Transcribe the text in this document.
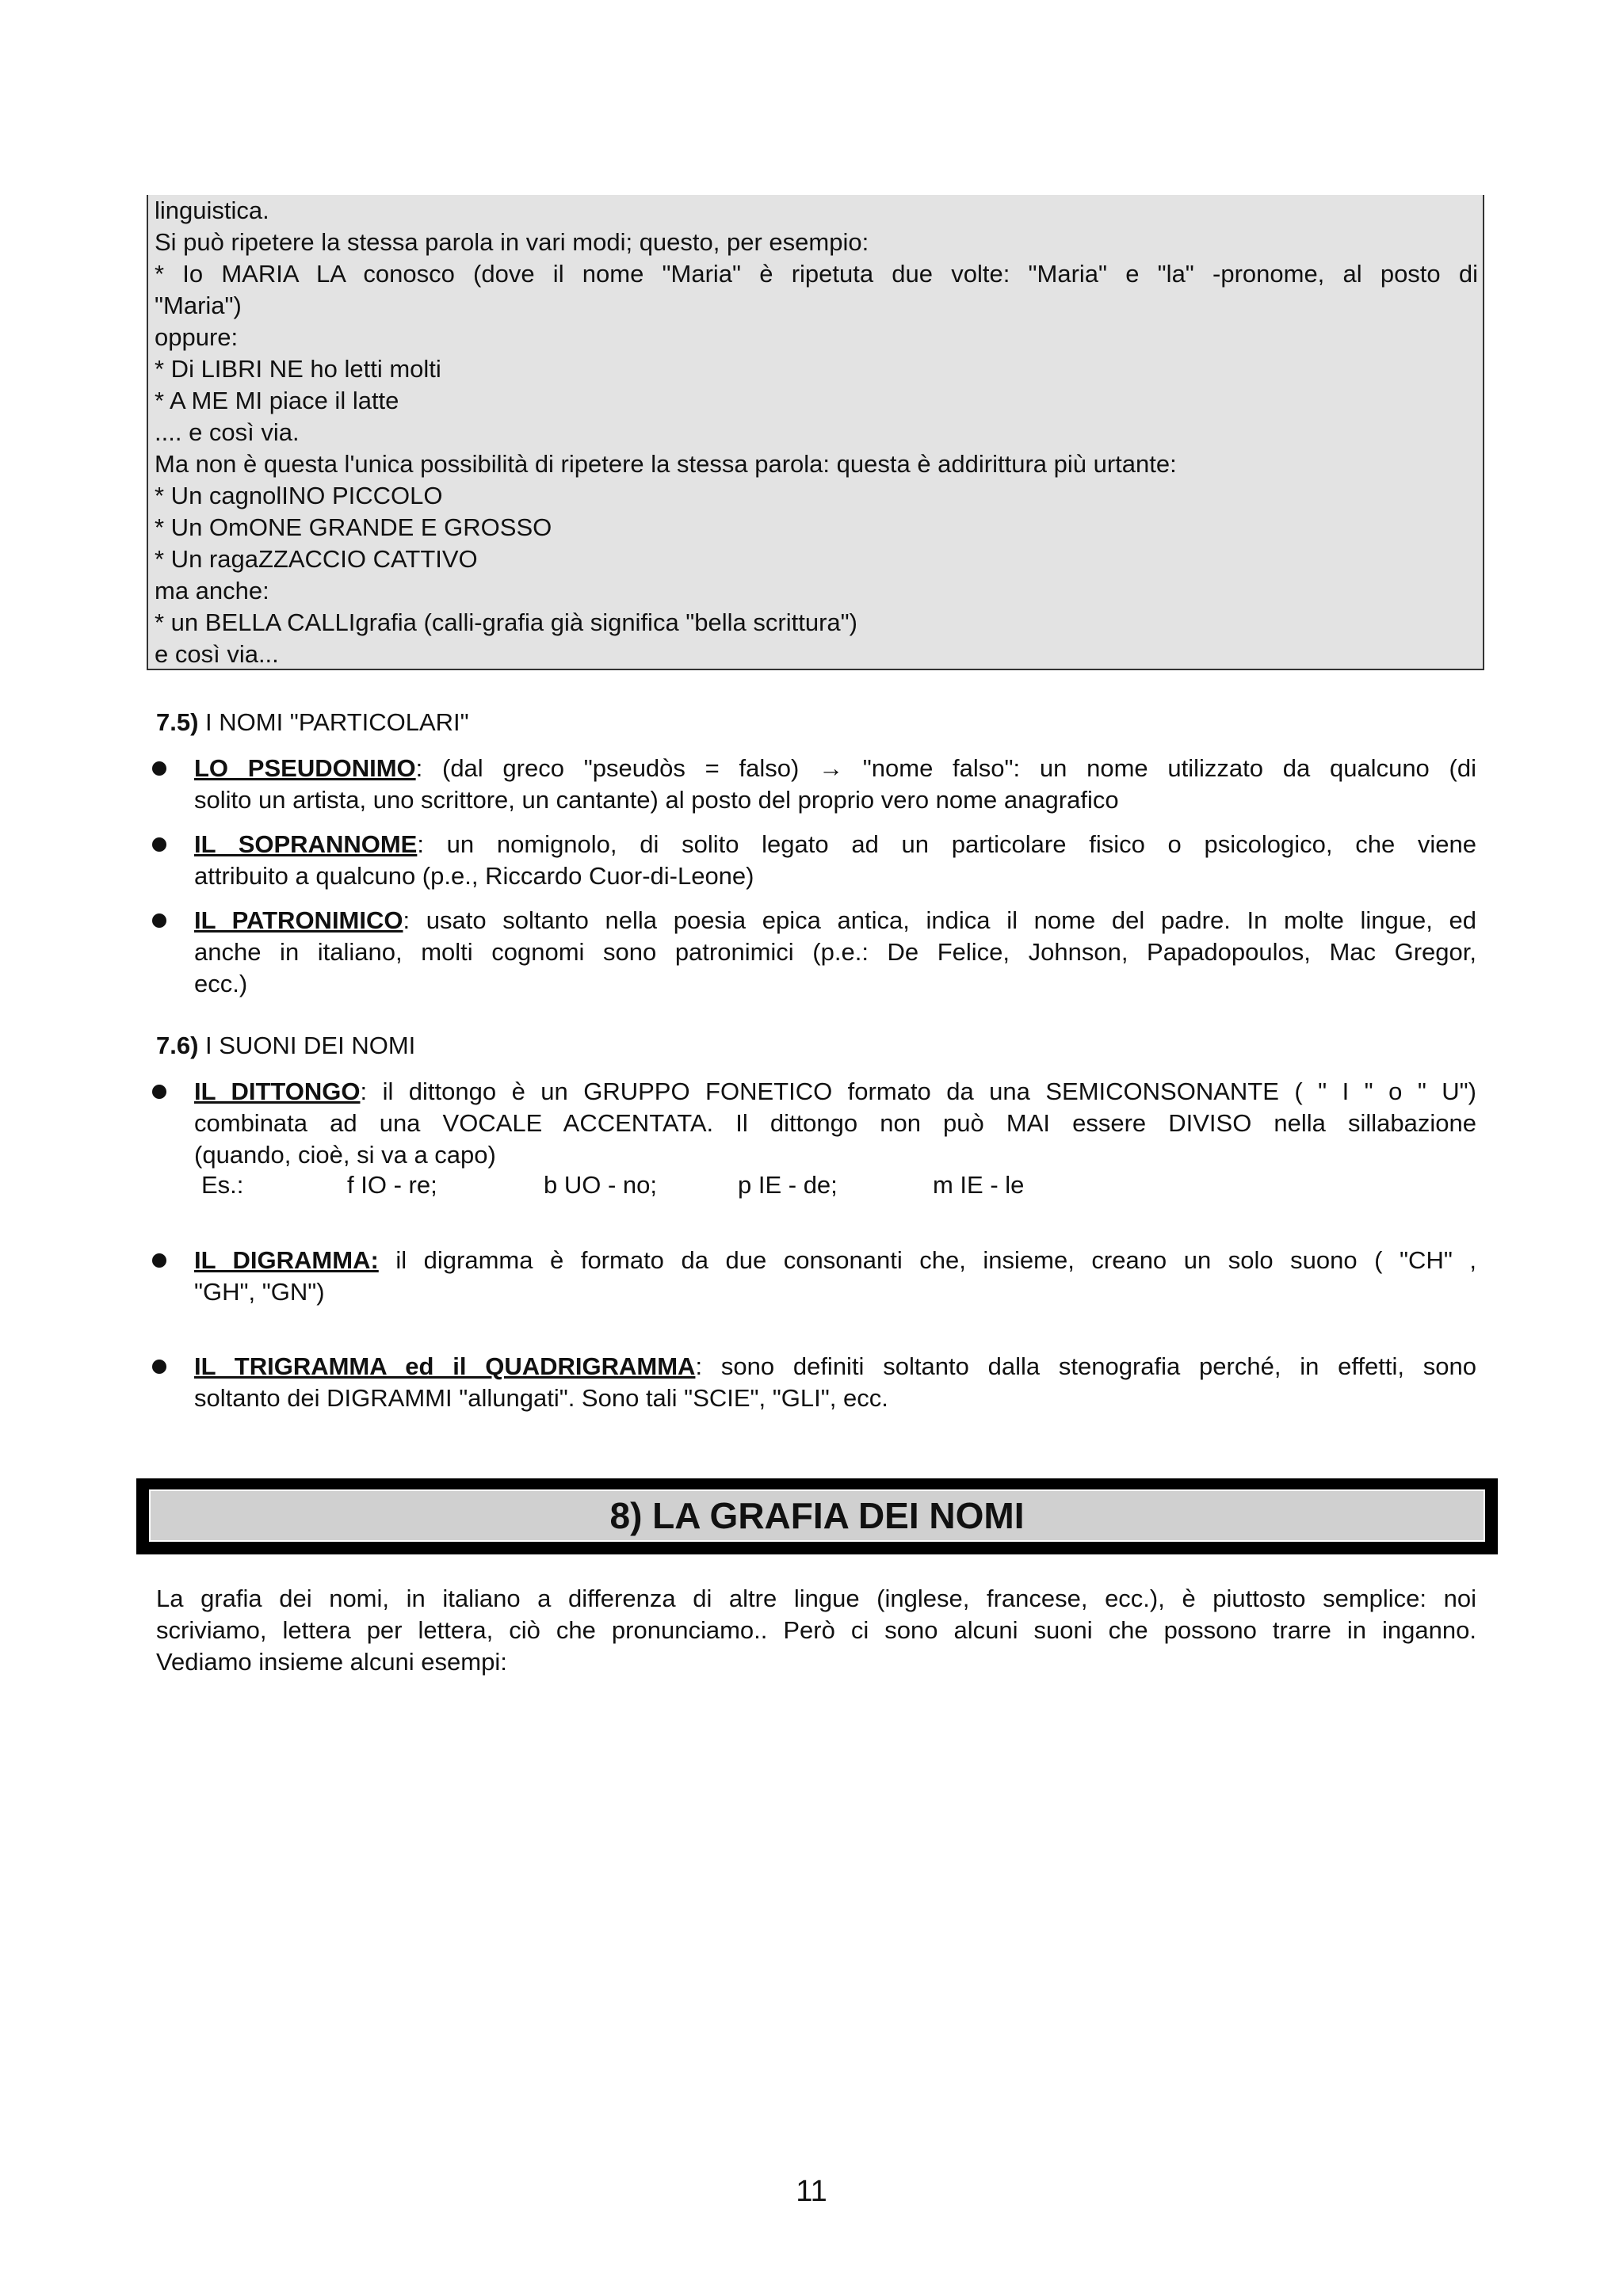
linguistica.
Si può ripetere la stessa parola in vari modi; questo, per esempio:
* Io MARIA LA conosco (dove il nome "Maria" è ripetuta due volte: "Maria" e "la" -pronome, al posto di
"Maria")
oppure:
* Di LIBRI NE ho letti molti
* A ME MI piace il latte
.... e così via.
Ma non è questa l'unica possibilità di ripetere la stessa parola: questa è addirittura più urtante:
* Un cagnolINO PICCOLO
* Un OmONE GRANDE E GROSSO
* Un ragaZZACCIO CATTIVO
ma anche:
* un BELLA CALLIgrafia (calli-grafia già significa "bella scrittura")
e così via...
7.5) I NOMI "PARTICOLARI"
LO PSEUDONIMO: (dal greco "pseudòs = falso) → "nome falso": un nome utilizzato da qualcuno (di
solito un artista, uno scrittore, un cantante) al posto del proprio vero nome anagrafico
IL SOPRANNOME: un nomignolo, di solito legato ad un particolare fisico o psicologico, che viene
attribuito a qualcuno (p.e., Riccardo Cuor-di-Leone)
IL PATRONIMICO: usato soltanto nella poesia epica antica, indica il nome del padre. In molte lingue, ed
anche in italiano, molti cognomi sono patronimici (p.e.: De Felice, Johnson, Papadopoulos, Mac Gregor,
ecc.)
7.6) I SUONI DEI NOMI
IL DITTONGO: il dittongo è un GRUPPO FONETICO formato da una SEMICONSONANTE ( " I " o " U")
combinata ad una VOCALE ACCENTATA. Il dittongo non può MAI essere DIVISO nella sillabazione
(quando, cioè, si va a capo)
Es.:	f IO - re;	b UO - no;	p IE - de;	m IE - le
IL DIGRAMMA: il digramma è formato da due consonanti che, insieme, creano un solo suono ( "CH" ,
"GH", "GN")
IL TRIGRAMMA ed il QUADRIGRAMMA: sono definiti soltanto dalla stenografia perché, in effetti, sono
soltanto dei DIGRAMMI "allungati". Sono tali "SCIE", "GLI", ecc.
8) LA GRAFIA DEI NOMI
La grafia dei nomi, in italiano a differenza di altre lingue (inglese, francese, ecc.), è piuttosto semplice: noi
scriviamo, lettera per lettera, ciò che pronunciamo.. Però ci sono alcuni suoni che possono trarre in inganno.
Vediamo insieme alcuni esempi:
11
